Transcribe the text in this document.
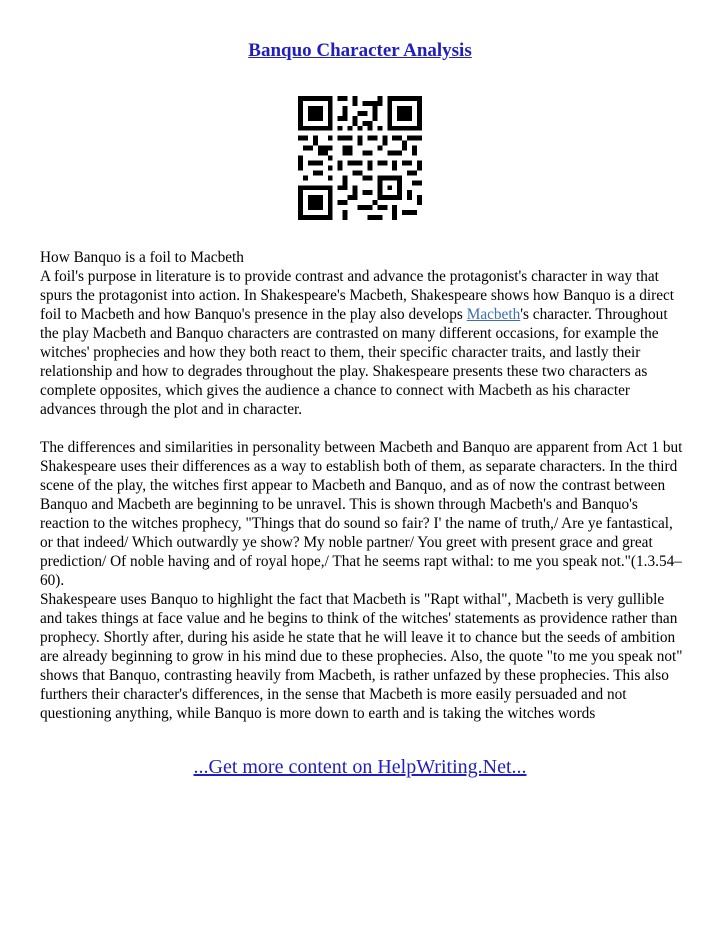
Banquo Character Analysis

How Banquo is a foil to Macbeth

A foil's purpose in literature is to provide contrast and advance the protagonist's character in way that spurs the protagonist into action. In Shakespeare's Macbeth, Shakespeare shows how Banquo is a direct foil to Macbeth and how Banquo's presence in the play also develops Macbeth's character. Throughout the play Macbeth and Banquo characters are contrasted on many different occasions, for example the witches' prophecies and how they both react to them, their specific character traits, and lastly their relationship and how to degrades throughout the play. Shakespeare presents these two characters as complete opposites, which gives the audience a chance to connect with Macbeth as his character advances through the plot and in character.

The differences and similarities in personality between Macbeth and Banquo are apparent from Act 1 but Shakespeare uses their differences as a way to establish both of them, as separate characters. In the third scene of the play, the witches first appear to Macbeth and Banquo, and as of now the contrast between Banquo and Macbeth are beginning to be unravel. This is shown through Macbeth's and Banquo's reaction to the witches prophecy, "Things that do sound so fair? I' the name of truth,/ Are ye fantastical, or that indeed/ Which outwardly ye show? My noble partner/ You greet with present grace and great prediction/ Of noble having and of royal hope,/ That he seems rapt withal: to me you speak not."(1.3.54–60).

Shakespeare uses Banquo to highlight the fact that Macbeth is "Rapt withal", Macbeth is very gullible and takes things at face value and he begins to think of the witches' statements as providence rather than prophecy. Shortly after, during his aside he state that he will leave it to chance but the seeds of ambition are already beginning to grow in his mind due to these prophecies. Also, the quote "to me you speak not" shows that Banquo, contrasting heavily from Macbeth, is rather unfazed by these prophecies. This also furthers their character's differences, in the sense that Macbeth is more easily persuaded and not questioning anything, while Banquo is more down to earth and is taking the witches words

...Get more content on HelpWriting.Net...
